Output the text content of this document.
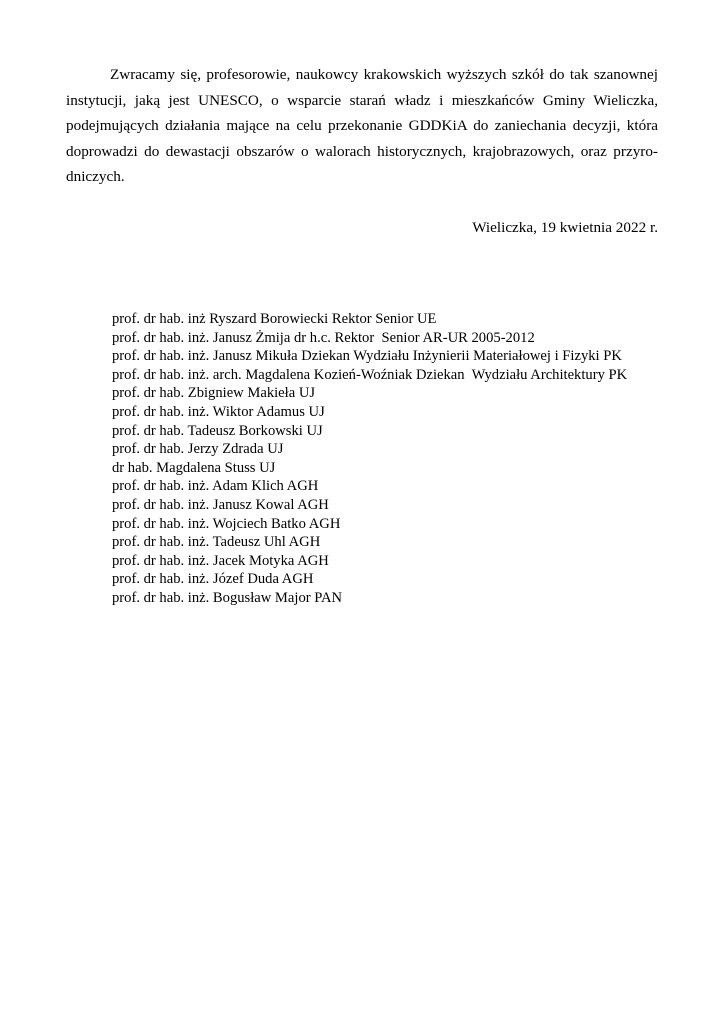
Zwracamy się, profesorowie, naukowcy krakowskich wyższych szkół do tak szanownej instytucji, jaką jest UNESCO, o wsparcie starań władz i mieszkańców Gminy Wieliczka, podejmujących działania mające na celu przekonanie GDDKiA do zaniechania decyzji, która doprowadzi do dewastacji obszarów o walorach historycznych, krajobrazowych, oraz przyro-dniczych.

Wieliczka, 19 kwietnia 2022 r.
prof. dr hab. inż Ryszard Borowiecki Rektor Senior UE
prof. dr hab. inż. Janusz Żmija dr h.c. Rektor  Senior AR-UR 2005-2012
prof. dr hab. inż. Janusz Mikuła Dziekan Wydziału Inżynierii Materiałowej i Fizyki PK
prof. dr hab. inż. arch. Magdalena Kozień-Woźniak Dziekan  Wydziału Architektury PK
prof. dr hab. Zbigniew Makieła UJ
prof. dr hab. inż. Wiktor Adamus UJ
prof. dr hab. Tadeusz Borkowski UJ
prof. dr hab. Jerzy Zdrada UJ
dr hab. Magdalena Stuss UJ
prof. dr hab. inż. Adam Klich AGH
prof. dr hab. inż. Janusz Kowal AGH
prof. dr hab. inż. Wojciech Batko AGH
prof. dr hab. inż. Tadeusz Uhl AGH
prof. dr hab. inż. Jacek Motyka AGH
prof. dr hab. inż. Józef Duda AGH
prof. dr hab. inż. Bogusław Major PAN
